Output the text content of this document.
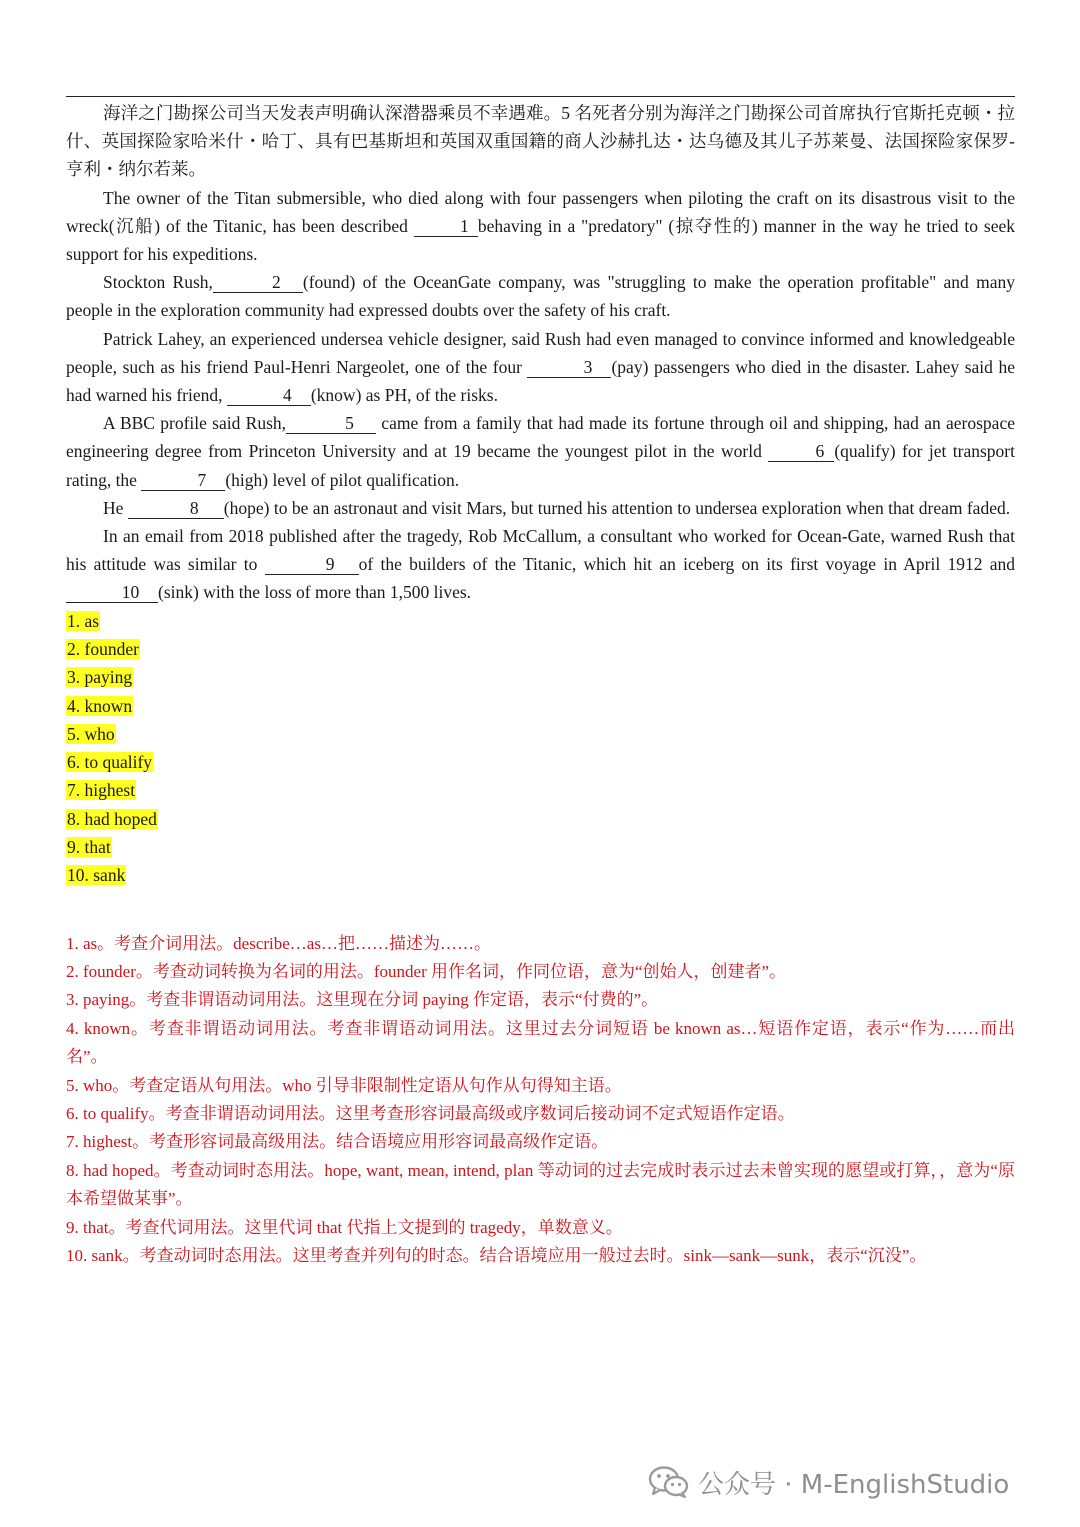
海洋之门勘探公司当天发表声明确认深潜器乘员不幸遇难。5 名死者分别为海洋之门勘探公司首席执行官斯托克顿・拉什、英国探险家哈米什・哈丁、具有巴基斯坦和英国双重国籍的商人沙赫扎达・达乌德及其儿子苏莱曼、法国探险家保罗-亨利・纳尔若莱。

The owner of the Titan submersible, who died along with four passengers when piloting the craft on its disastrous visit to the wreck(沉船) of the Titanic, has been described	1 behaving in a "predatory" (掠夺性的) manner in the way he tried to seek support for his expeditions.

Stockton Rush,	2 (found) of the OceanGate company, was "struggling to make the operation profitable" and many people in the exploration community had expressed doubts over the safety of his craft.

Patrick Lahey, an experienced undersea vehicle designer, said Rush had even managed to convince informed and knowledgeable people, such as his friend Paul-Henri Nargeolet, one of the four	3 (pay) passengers who died in the disaster. Lahey said he had warned his friend,	4 (know) as PH, of the risks.

A BBC profile said Rush,	5 came from a family that had made its fortune through oil and shipping, had an aerospace engineering degree from Princeton University and at 19 became the youngest pilot in the world	6 (qualify) for jet transport rating, the	7 (high) level of pilot qualification.

He	8 (hope) to be an astronaut and visit Mars, but turned his attention to undersea exploration when that dream faded.

In an email from 2018 published after the tragedy, Rob McCallum, a consultant who worked for Ocean-Gate, warned Rush that his attitude was similar to	9 of the builders of the Titanic, which hit an iceberg on its first voyage in April 1912 and 10 (sink) with the loss of more than 1,500 lives.

1. as
2. founder
3. paying
4. known
5. who
6. to qualify
7. highest
8. had hoped
9. that
10. sank

1. as。考查介词用法。describe…as…把……描述为……。

2. founder。考查动词转换为名词的用法。founder 用作名词，作同位语，意为“创始人，创建者”。

3. paying。考查非谓语动词用法。这里现在分词 paying 作定语，表示“付费的”。

4. known。考查非谓语动词用法。考查非谓语动词用法。这里过去分词短语 be known as…短语作定语，表示“作为……而出名”。

5. who。考查定语从句用法。who 引导非限制性定语从句作从句得知主语。

6. to qualify。考查非谓语动词用法。这里考查形容词最高级或序数词后接动词不定式短语作定语。

7. highest。考查形容词最高级用法。结合语境应用形容词最高级作定语。

8. had hoped。考查动词时态用法。hope, want, mean, intend, plan 等动词的过去完成时表示过去未曾实现的愿望或打算，，意为“原本希望做某事”。

9. that。考查代词用法。这里代词 that 代指上文提到的 tragedy，单数意义。

10. sank。考查动词时态用法。这里考查并列句的时态。结合语境应用一般过去时。sink—sank—sunk，表示“沉没”。

公众号 · M-EnglishStudio
